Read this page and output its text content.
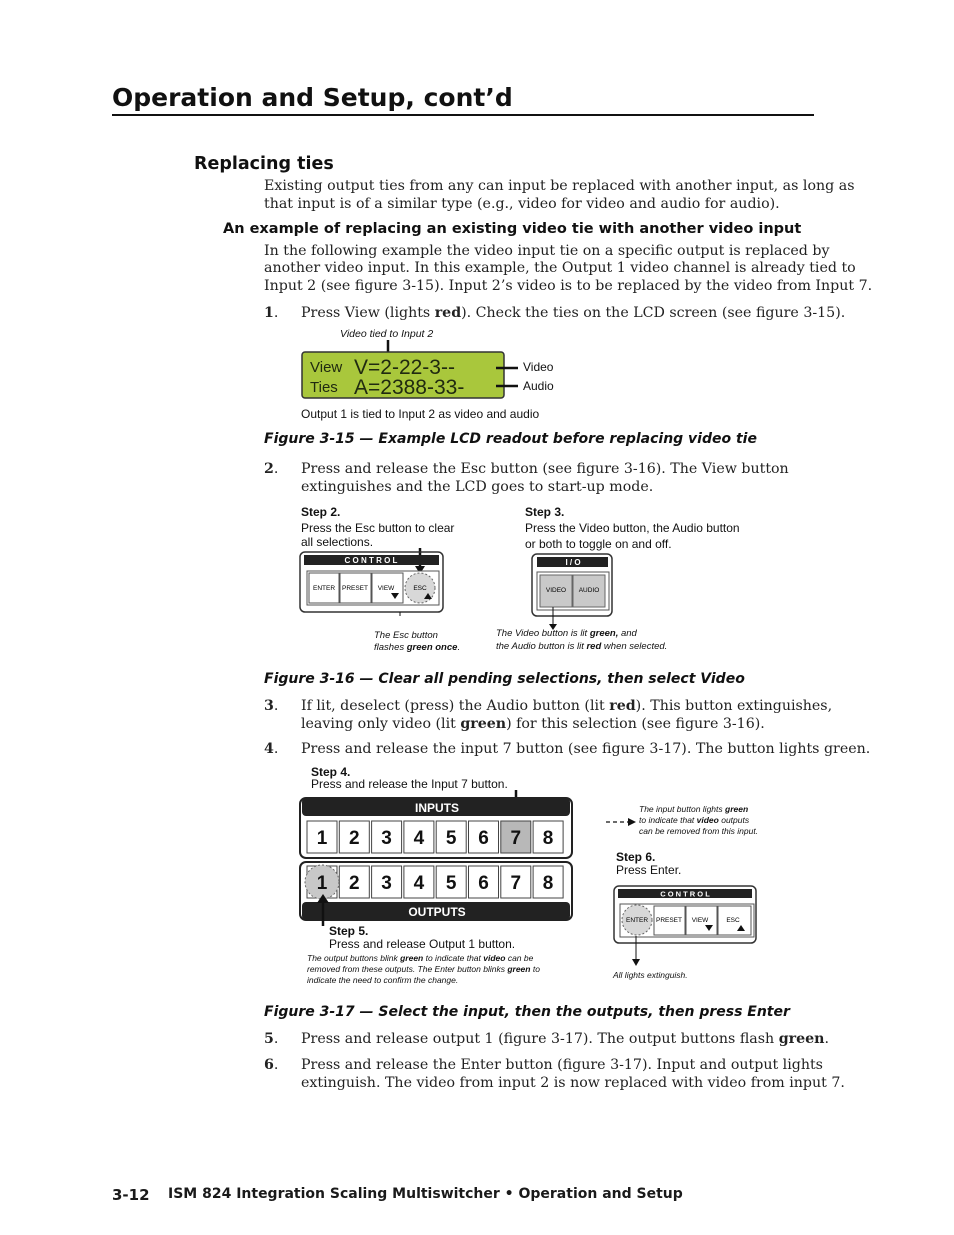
Operation and Setup, cont’d
Replacing ties
Existing output ties from any can input be replaced with another input, as long as
that input is of a similar type (e.g., video for video and audio for audio).
An example of replacing an existing video tie with another video input
In the following example the video input tie on a specific output is replaced by
another video input. In this example, the Output 1 video channel is already tied to
Input 2 (see figure 3-15). Input 2’s video is to be replaced by the video from Input 7.
1. Press View (lights red). Check the ties on the LCD screen (see figure 3-15).
Video tied to Input 2
View V=2-22-3--
Ties A=2388-33-
Video
Audio
Output 1 is tied to Input 2 as video and audio
Figure 3-15 — Example LCD readout before replacing video tie
2. Press and release the Esc button (see figure 3-16). The View button
extinguishes and the LCD goes to start-up mode.
Step 2.
Press the Esc button to clear
all selections.
Step 3.
Press the Video button, the Audio button
or both to toggle on and off.
C O N T R O L
ENTER PRESET VIEW	ESC
I / O
VIDEO AUDIO
The Esc button
flashes green once.
The Video button is lit green, and
the Audio button is lit red when selected.
Figure 3-16 — Clear all pending selections, then select Video
3. If lit, deselect (press) the Audio button (lit red). This button extinguishes,
leaving only video (lit green) for this selection (see figure 3-16).
4. Press and release the input 7 button (see figure 3-17). The button lights green.
Step 4.
Press and release the Input 7 button.
INPUTS
1 2 3 4 5 6 7 8
OUTPUTS
1 2 3 4 5 6 7 8
The input button lights green
to indicate that video outputs
can be removed from this input.
Step 6.
Press Enter.
C O N T R O L
ENTER PRESET VIEW	ESC
Step 5.
Press and release Output 1 button.
The output buttons blink green to indicate that video can be
removed from these outputs. The Enter button blinks green to
indicate the need to confirm the change.	All lights extinguish.
Figure 3-17 — Select the input, then the outputs, then press Enter
5. Press and release output 1 (figure 3-17). The output buttons flash green.
6. Press and release the Enter button (figure 3-17). Input and output lights
extinguish. The video from input 2 is now replaced with video from input 7.
3-12 ISM 824 Integration Scaling Multiswitcher • Operation and Setup
